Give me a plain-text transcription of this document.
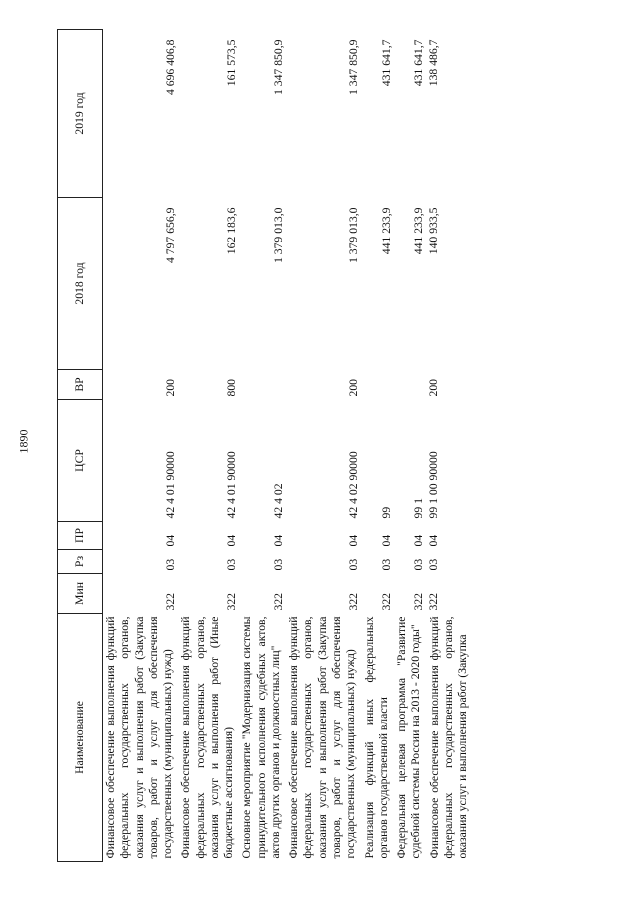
1890
Наименование	Мин	Рз	ПР	ЦСР	ВР	2018 год	2019 год
Финансовое обеспечение выполнения функций федеральных государственных органов, оказания услуг и выполнения работ (Закупка товаров, работ и услуг для обеспечения государственных (муниципальных) нужд)	322	03	04	42 4 01 90000	200	4 797 656,9	4 696 406,8
Финансовое обеспечение выполнения функций федеральных государственных органов, оказания услуг и выполнения работ (Иные бюджетные ассигнования)	322	03	04	42 4 01 90000	800	162 183,6	161 573,5
Основное мероприятие "Модернизация системы принудительного исполнения судебных актов, актов других органов и должностных лиц"	322	03	04	42 4 02		1 379 013,0	1 347 850,9
Финансовое обеспечение выполнения функций федеральных государственных органов, оказания услуг и выполнения работ (Закупка товаров, работ и услуг для обеспечения государственных (муниципальных) нужд)	322	03	04	42 4 02 90000	200	1 379 013,0	1 347 850,9
Реализация функций иных федеральных органов государственной власти	322	03	04	99		441 233,9	431 641,7
Федеральная целевая программа "Развитие судебной системы России на 2013 - 2020 годы"	322	03	04	99 1		441 233,9	431 641,7
Финансовое обеспечение выполнения функций федеральных государственных органов, оказания услуг и выполнения работ (Закупка	322	03	04	99 1 00 90000	200	140 933,5	138 486,7
